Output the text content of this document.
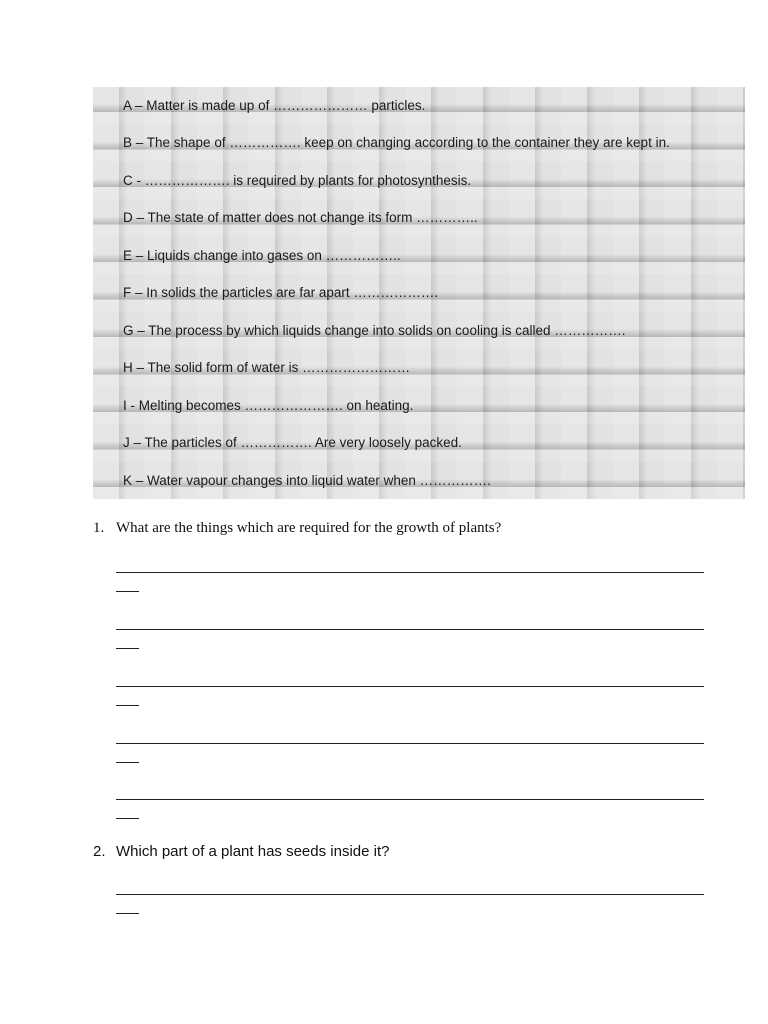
A – Matter is made up of ………………… particles.
B – The shape of ……………. keep on changing according to the container they are kept in.
C - ………………. is required by plants for photosynthesis.
D – The state of matter does not change its form …………..
E – Liquids change into gases on ……………..
F – In solids the particles are far apart ……………….
G – The process by which liquids change into solids on cooling is called …………….
H – The solid form of water is ……………………
I - Melting becomes …………………. on heating.
J – The particles of ……………. Are very loosely packed.
K – Water vapour changes into liquid water when …………….
1. What are the things which are required for the growth of plants?
2. Which part of a plant has seeds inside it?
